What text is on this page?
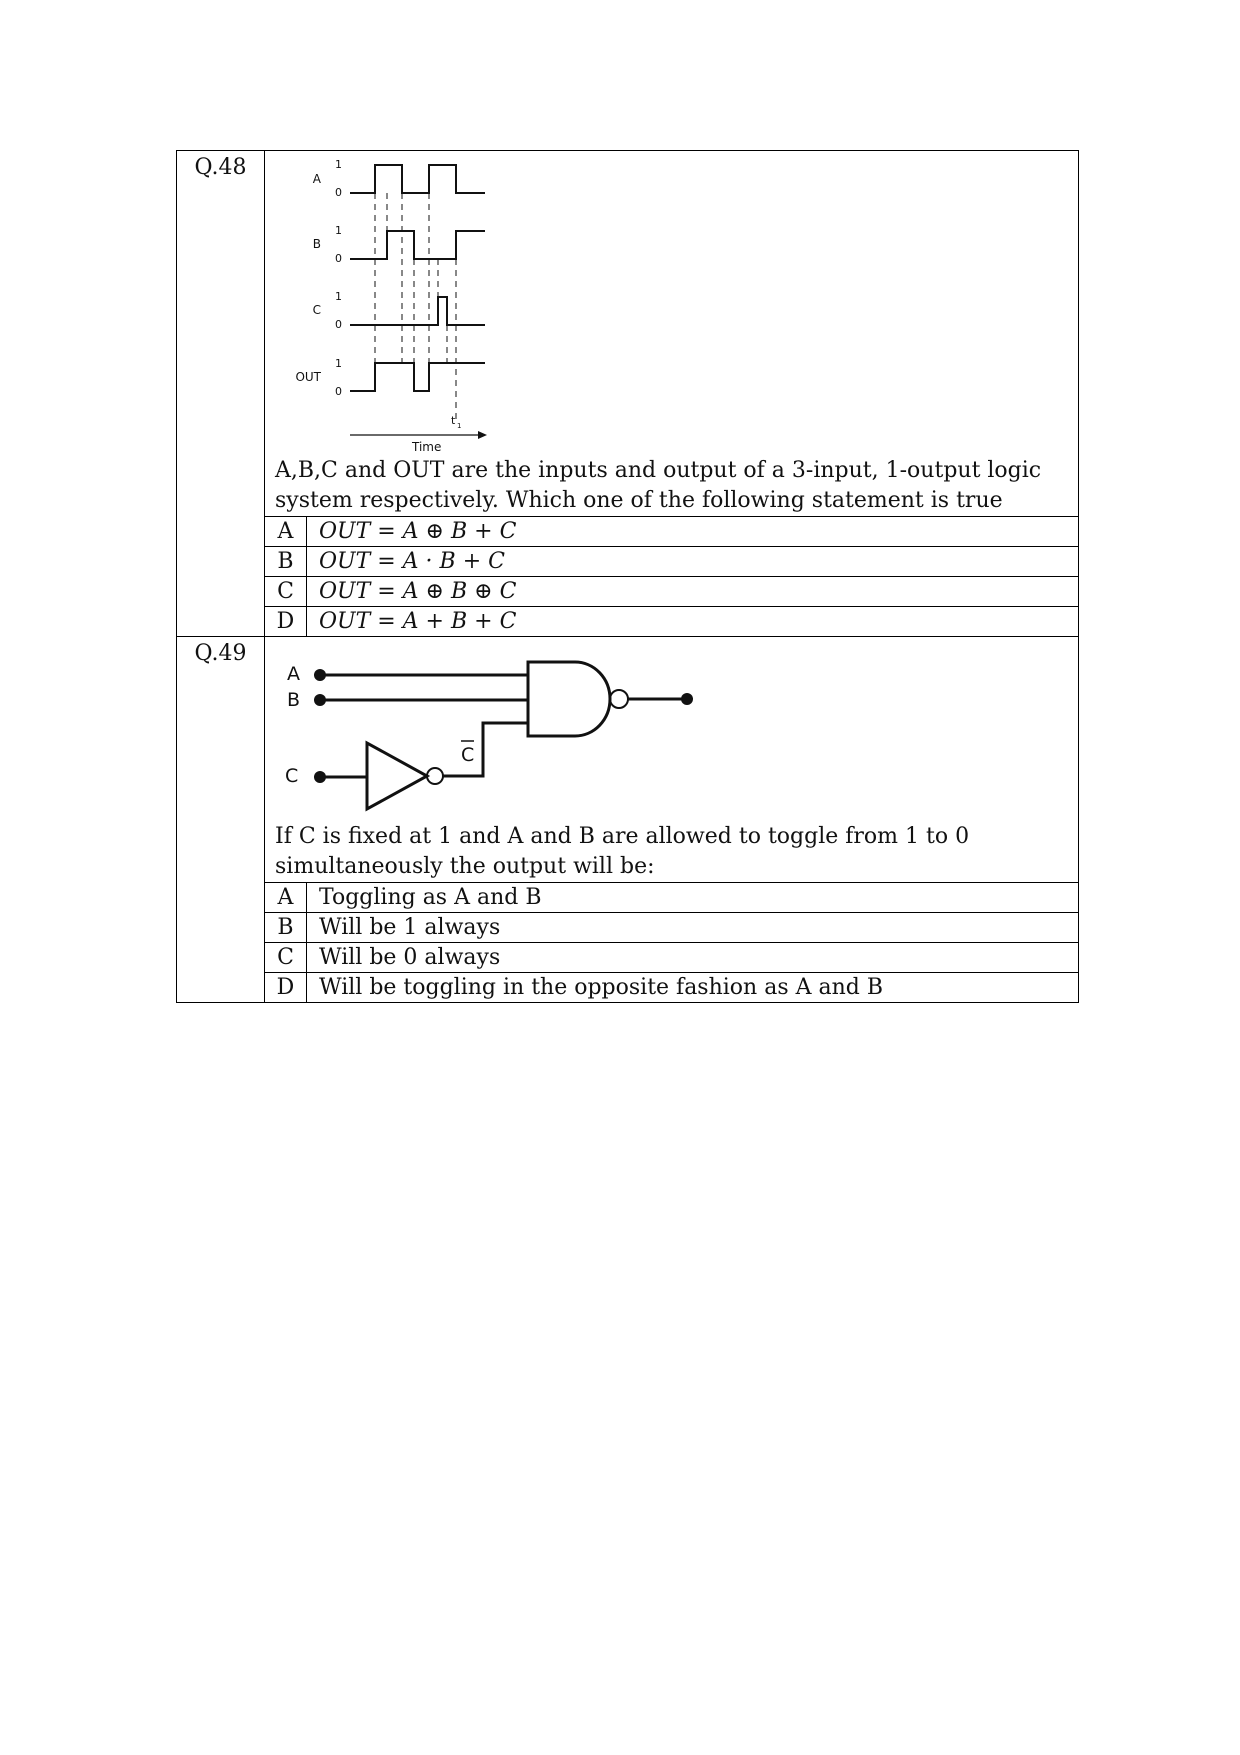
Q.48	A
B
C
OUT
1
0
1
0
1
0
1
0
t 1
Time
A,B,C and OUT are the inputs and output of a 3-input, 1-output logic
system respectively. Which one of the following statement is true
A	OUT = A ⊕ B + C
B	OUT = A · B + C
C	OUT = A ⊕ B ⊕ C
D	OUT = A + B + C

Q.49	
A
B
C
C
If C is fixed at 1 and A and B are allowed to toggle from 1 to 0
simultaneously the output will be:
A	Toggling as A and B
B	Will be 1 always
C	Will be 0 always
D	Will be toggling in the opposite fashion as A and B
